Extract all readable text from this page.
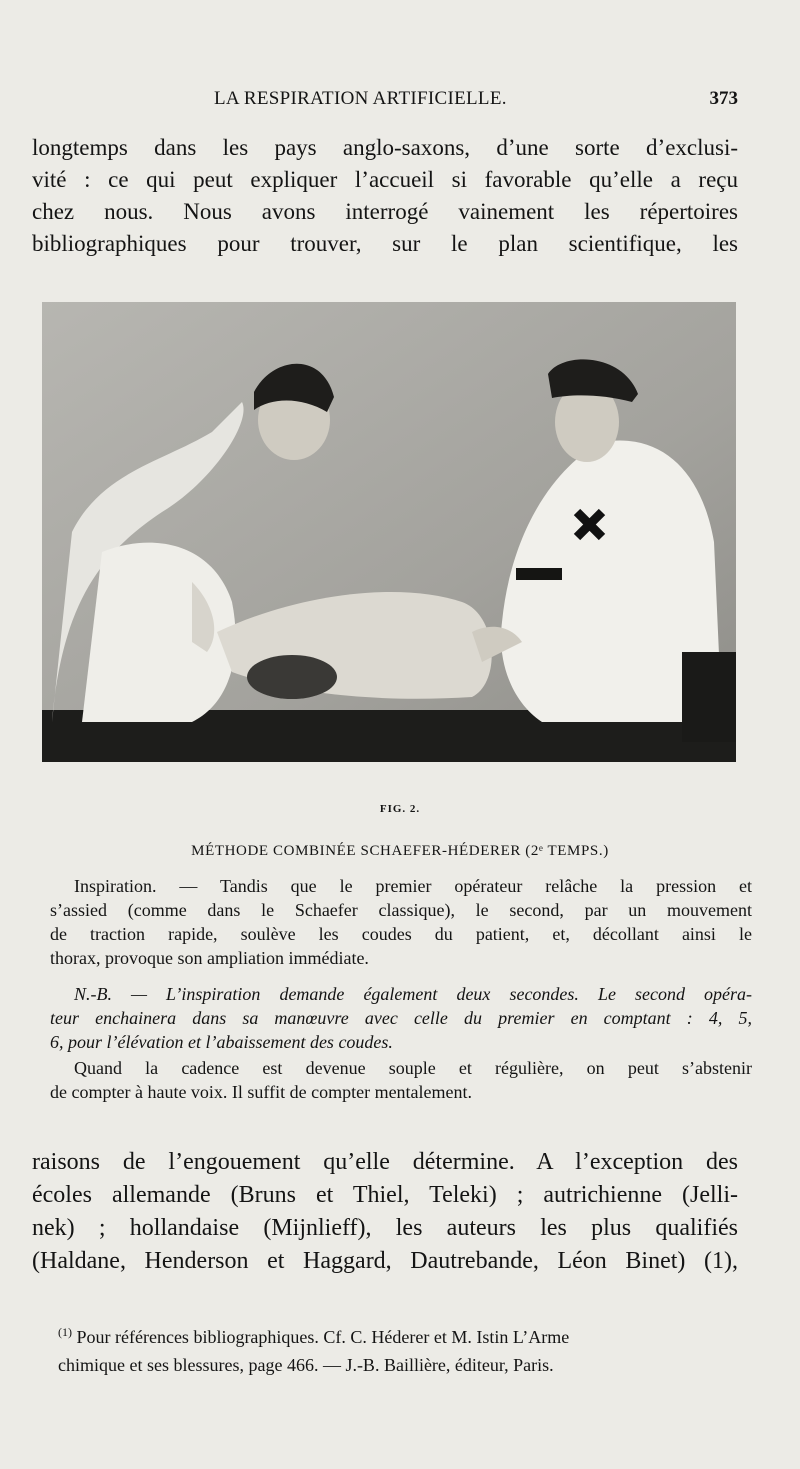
LA RESPIRATION ARTIFICIELLE.	373

longtemps dans les pays anglo-saxons, d’une sorte d’exclusi-
vité : ce qui peut expliquer l’accueil si favorable qu’elle a reçu
chez nous. Nous avons interrogé vainement les répertoires
bibliographiques pour trouver, sur le plan scientifique, les

FIG. 2.
MÉTHODE COMBINÉE SCHAEFER-HÉDERER (2ᵉ TEMPS.)

Inspiration. — Tandis que le premier opérateur relâche la pression et
s’assied (comme dans le Schaefer classique), le second, par un mouvement
de traction rapide, soulève les coudes du patient, et, décollant ainsi le
thorax, provoque son ampliation immédiate.

N.-B. — L’inspiration demande également deux secondes. Le second opéra-
teur enchainera dans sa manœuvre avec celle du premier en comptant : 4, 5,
6, pour l’élévation et l’abaissement des coudes.

Quand la cadence est devenue souple et régulière, on peut s’abstenir
de compter à haute voix. Il suffit de compter mentalement.

raisons de l’engouement qu’elle détermine. A l’exception des
écoles allemande (Bruns et Thiel, Teleki) ; autrichienne (Jelli-
nek) ; hollandaise (Mijnlieff), les auteurs les plus qualifiés
(Haldane, Henderson et Haggard, Dautrebande, Léon Binet) (1),

$^{(1)}$ Pour références bibliographiques. Cf. C. Héderer et M. Istin L’Arme
chimique et ses blessures, page 466. — J.-B. Baillière, éditeur, Paris.
